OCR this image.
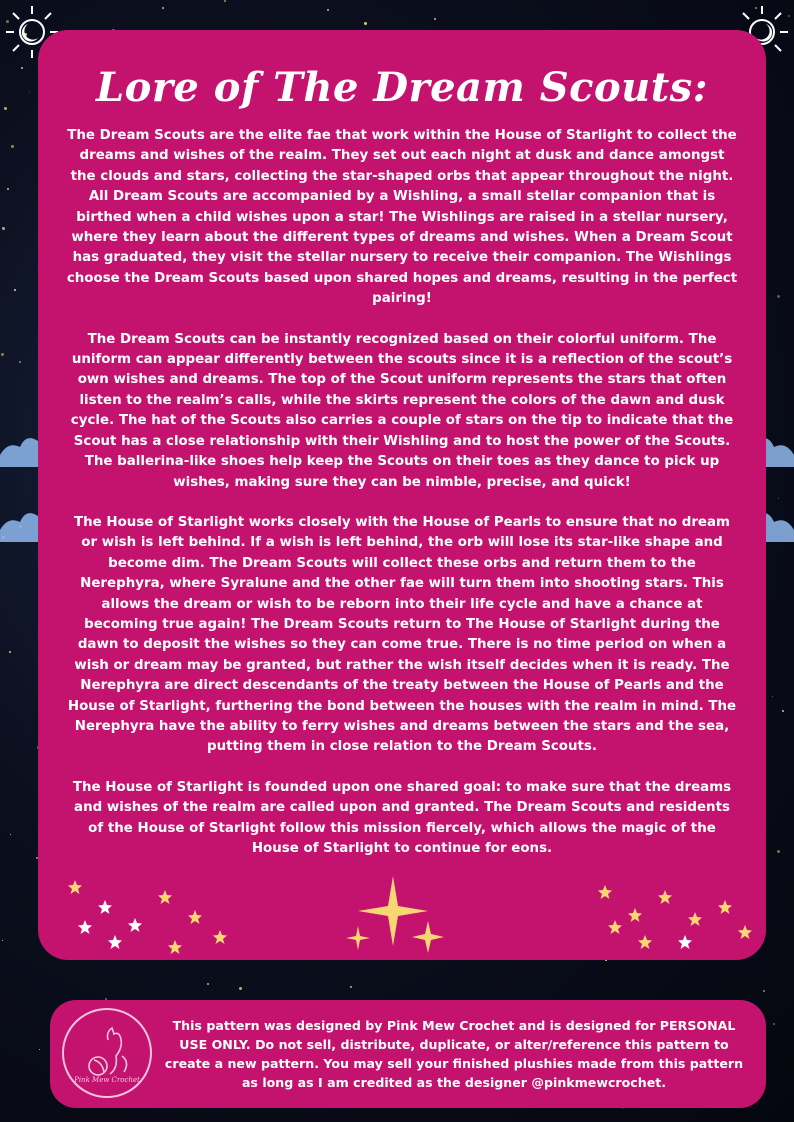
Lore of The Dream Scouts:

The Dream Scouts are the elite fae that work within the House of Starlight to collect the dreams and wishes of the realm. They set out each night at dusk and dance amongst the clouds and stars, collecting the star-shaped orbs that appear throughout the night. All Dream Scouts are accompanied by a Wishling, a small stellar companion that is birthed when a child wishes upon a star! The Wishlings are raised in a stellar nursery, where they learn about the different types of dreams and wishes. When a Dream Scout has graduated, they visit the stellar nursery to receive their companion. The Wishlings choose the Dream Scouts based upon shared hopes and dreams, resulting in the perfect pairing!

The Dream Scouts can be instantly recognized based on their colorful uniform. The uniform can appear differently between the scouts since it is a reflection of the scout’s own wishes and dreams. The top of the Scout uniform represents the stars that often listen to the realm’s calls, while the skirts represent the colors of the dawn and dusk cycle. The hat of the Scouts also carries a couple of stars on the tip to indicate that the Scout has a close relationship with their Wishling and to host the power of the Scouts. The ballerina-like shoes help keep the Scouts on their toes as they dance to pick up wishes, making sure they can be nimble, precise, and quick!

The House of Starlight works closely with the House of Pearls to ensure that no dream or wish is left behind. If a wish is left behind, the orb will lose its star-like shape and become dim. The Dream Scouts will collect these orbs and return them to the Nerephyra, where Syralune and the other fae will turn them into shooting stars. This allows the dream or wish to be reborn into their life cycle and have a chance at becoming true again! The Dream Scouts return to The House of Starlight during the dawn to deposit the wishes so they can come true. There is no time period on when a wish or dream may be granted, but rather the wish itself decides when it is ready. The Nerephyra are direct descendants of the treaty between the House of Pearls and the House of Starlight, furthering the bond between the houses with the realm in mind. The Nerephyra have the ability to ferry wishes and dreams between the stars and the sea, putting them in close relation to the Dream Scouts.

The House of Starlight is founded upon one shared goal: to make sure that the dreams and wishes of the realm are called upon and granted. The Dream Scouts and residents of the House of Starlight follow this mission fiercely, which allows the magic of the House of Starlight to continue for eons.

Pink Mew Crochet
This pattern was designed by Pink Mew Crochet and is designed for PERSONAL USE ONLY. Do not sell, distribute, duplicate, or alter/reference this pattern to create a new pattern. You may sell your finished plushies made from this pattern as long as I am credited as the designer @pinkmewcrochet.
